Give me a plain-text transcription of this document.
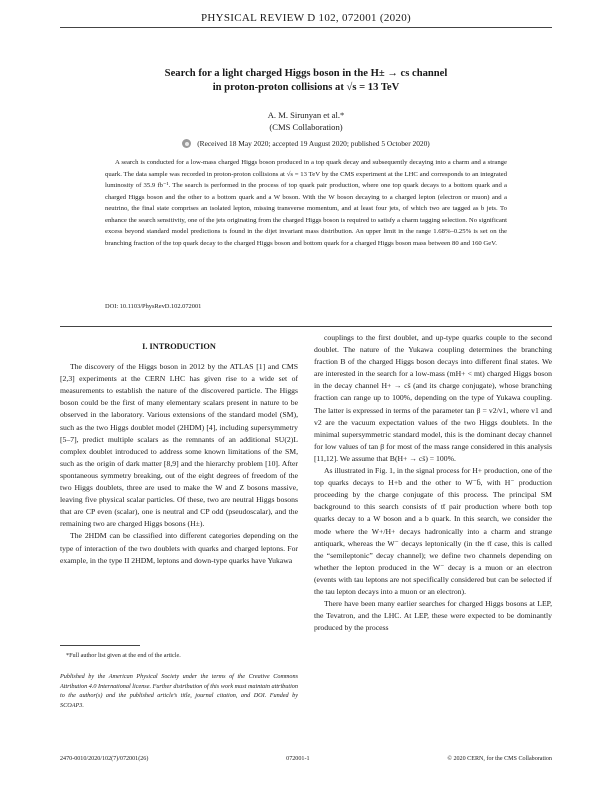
PHYSICAL REVIEW D 102, 072001 (2020)
Search for a light charged Higgs boson in the H± → cs channel
in proton-proton collisions at √s = 13 TeV
A. M. Sirunyan et al.*
(CMS Collaboration)
(Received 18 May 2020; accepted 19 August 2020; published 5 October 2020)
A search is conducted for a low-mass charged Higgs boson produced in a top quark decay and subsequently decaying into a charm and a strange quark. The data sample was recorded in proton-proton collisions at √s = 13 TeV by the CMS experiment at the LHC and corresponds to an integrated luminosity of 35.9 fb⁻¹. The search is performed in the process of top quark pair production, where one top quark decays to a bottom quark and a charged Higgs boson and the other to a bottom quark and a W boson. With the W boson decaying to a charged lepton (electron or muon) and a neutrino, the final state comprises an isolated lepton, missing transverse momentum, and at least four jets, of which two are tagged as b jets. To enhance the search sensitivity, one of the jets originating from the charged Higgs boson is required to satisfy a charm tagging selection. No significant excess beyond standard model predictions is found in the dijet invariant mass distribution. An upper limit in the range 1.68%–0.25% is set on the branching fraction of the top quark decay to the charged Higgs boson and bottom quark for a charged Higgs boson mass between 80 and 160 GeV.
DOI: 10.1103/PhysRevD.102.072001
I. INTRODUCTION

The discovery of the Higgs boson in 2012 by the ATLAS [1] and CMS [2,3] experiments at the CERN LHC has given rise to a wide set of measurements to establish the nature of the discovered particle. The Higgs boson could be the first of many elementary scalars present in nature to be observed in the laboratory. Various extensions of the standard model (SM), such as the two Higgs doublet model (2HDM) [4], including supersymmetry [5–7], predict multiple scalars as the remnants of an additional SU(2)L complex doublet introduced to address some known limitations of the SM, such as the origin of dark matter [8,9] and the hierarchy problem [10]. After spontaneous symmetry breaking, out of the eight degrees of freedom of the two Higgs doublets, three are used to make the W and Z bosons massive, leaving five physical scalar particles. Of these, two are neutral Higgs bosons that are CP even (scalar), one is neutral and CP odd (pseudoscalar), and the remaining two are charged Higgs bosons (H±).

The 2HDM can be classified into different categories depending on the type of interaction of the two doublets with quarks and charged leptons. For example, in the type II 2HDM, leptons and down-type quarks have Yukawa

couplings to the first doublet, and up-type quarks couple to the second doublet. The nature of the Yukawa coupling determines the branching fraction B of the charged Higgs boson decays into different final states. We are interested in the search for a low-mass (mH+ < mt) charged Higgs boson in the decay channel H+ → cs̄ (and its charge conjugate), whose branching fraction can range up to 100%, depending on the type of Yukawa coupling. The latter is expressed in terms of the parameter tan β = v2/v1, where v1 and v2 are the vacuum expectation values of the two Higgs doublets. In the minimal supersymmetric standard model, this is the dominant decay channel for low values of tan β for most of the mass range considered in this analysis [11,12]. We assume that B(H+ → cs̄) = 100%.

As illustrated in Fig. 1, in the signal process for H+ production, one of the top quarks decays to H+b and the other to W⁻b̄, with H⁻ production proceeding by the charge conjugate of this process. The principal SM background to this search consists of tt̄ pair production where both top quarks decay to a W boson and a b quark. In this search, we consider the mode where the W+/H+ decays hadronically into a charm and strange antiquark, whereas the W⁻ decays leptonically (in the tt̄ case, this is called the “semileptonic” decay channel); we define two channels depending on whether the lepton produced in the W⁻ decay is a muon or an electron (events with tau leptons are not specifically considered but can be selected if the tau lepton decays into a muon or an electron).

There have been many earlier searches for charged Higgs bosons at LEP, the Tevatron, and the LHC. At LEP, these were expected to be dominantly produced by the process

*Full author list given at the end of the article.
Published by the American Physical Society under the terms of the Creative Commons Attribution 4.0 International license. Further distribution of this work must maintain attribution to the author(s) and the published article’s title, journal citation, and DOI. Funded by SCOAP3.
2470-0010/2020/102(7)/072001(26)	072001-1	© 2020 CERN, for the CMS Collaboration
